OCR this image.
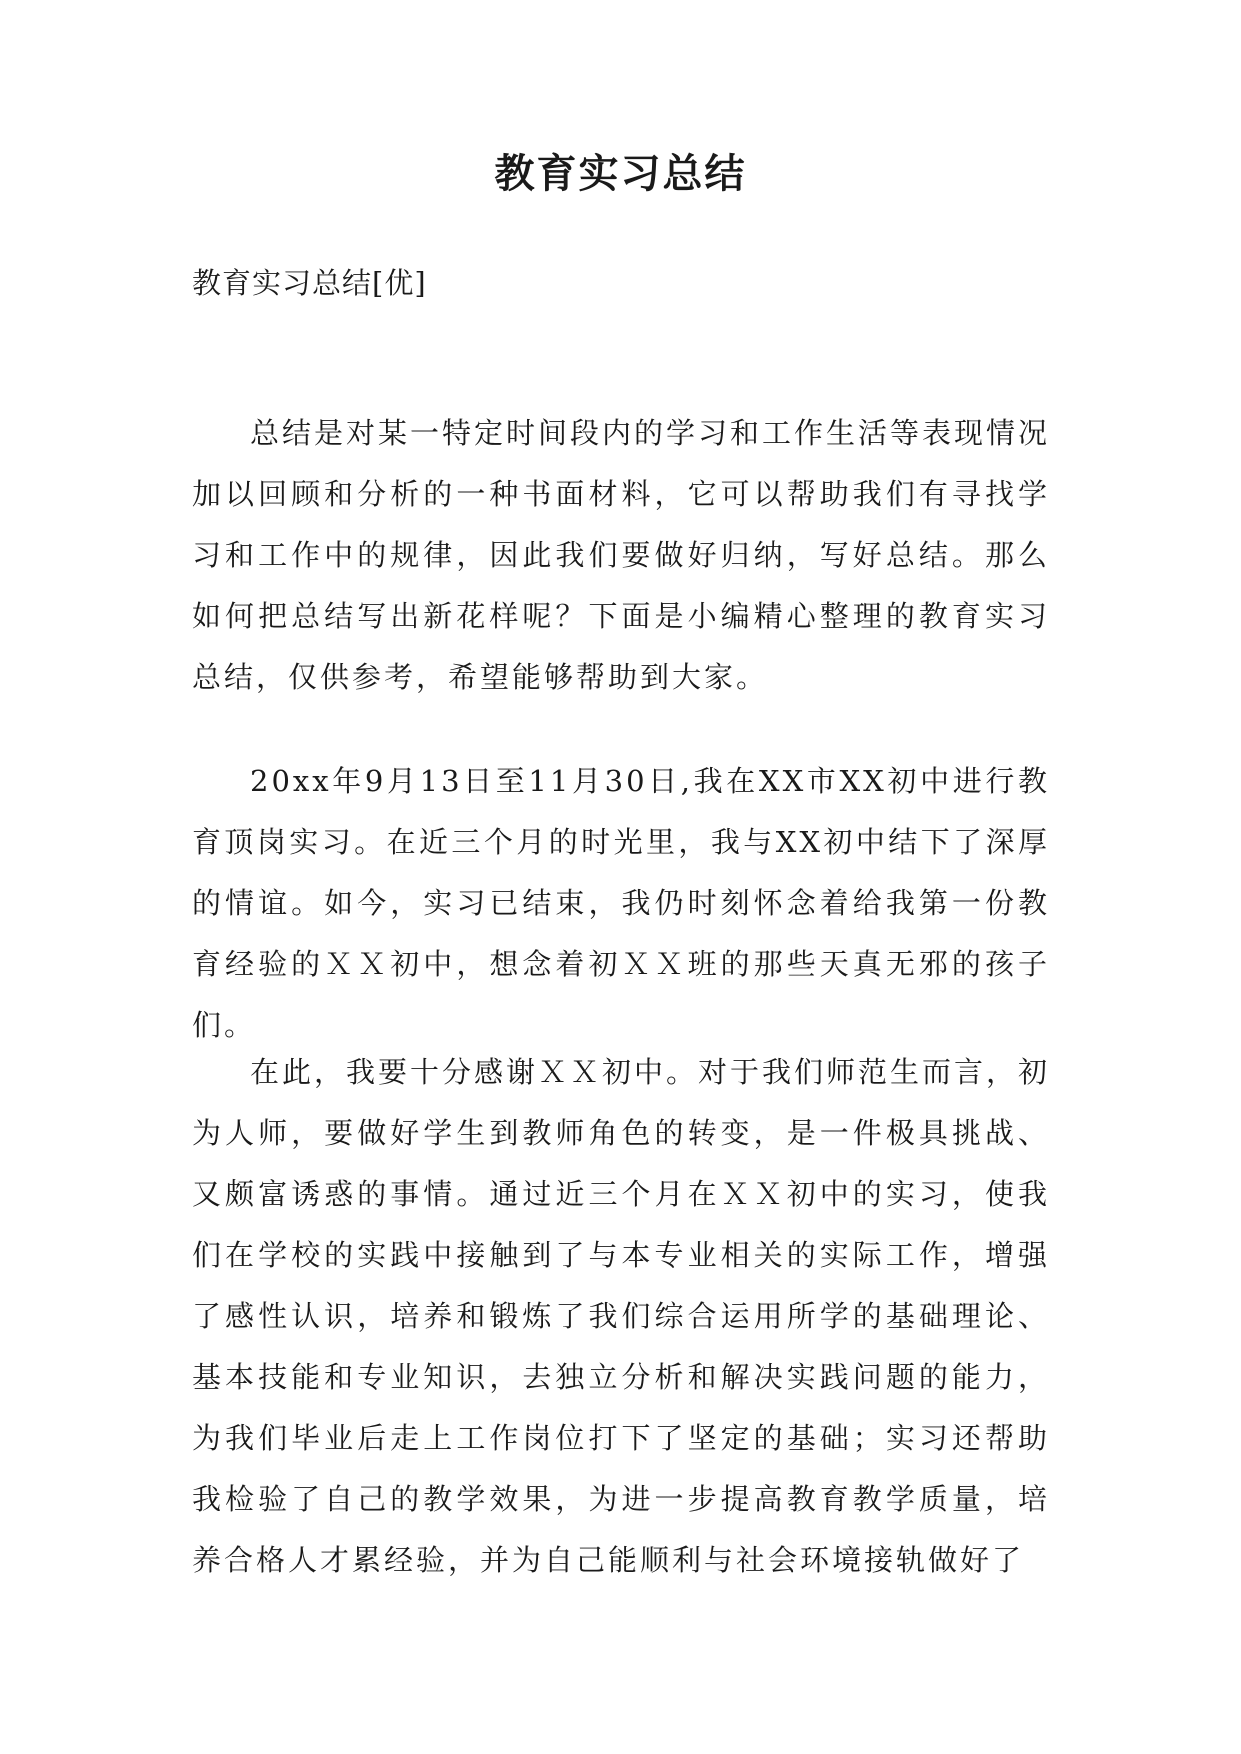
教育实习总结
教育实习总结[优]

总结是对某一特定时间段内的学习和工作生活等表现情况加以回顾和分析的一种书面材料，它可以帮助我们有寻找学习和工作中的规律，因此我们要做好归纳，写好总结。那么如何把总结写出新花样呢？下面是小编精心整理的教育实习总结，仅供参考，希望能够帮助到大家。

20xx年9月13日至11月30日,我在XX市XX初中进行教育顶岗实习。在近三个月的时光里，我与XX初中结下了深厚的情谊。如今，实习已结束，我仍时刻怀念着给我第一份教育经验的ＸＸ初中，想念着初ＸＸ班的那些天真无邪的孩子们。

在此，我要十分感谢ＸＸ初中。对于我们师范生而言，初为人师，要做好学生到教师角色的转变，是一件极具挑战、又颇富诱惑的事情。通过近三个月在ＸＸ初中的实习，使我们在学校的实践中接触到了与本专业相关的实际工作，增强了感性认识，培养和锻炼了我们综合运用所学的基础理论、基本技能和专业知识，去独立分析和解决实践问题的能力，为我们毕业后走上工作岗位打下了坚定的基础；实习还帮助我检验了自己的教学效果，为进一步提高教育教学质量，培养合格人才累经验，并为自己能顺利与社会环境接轨做好了
